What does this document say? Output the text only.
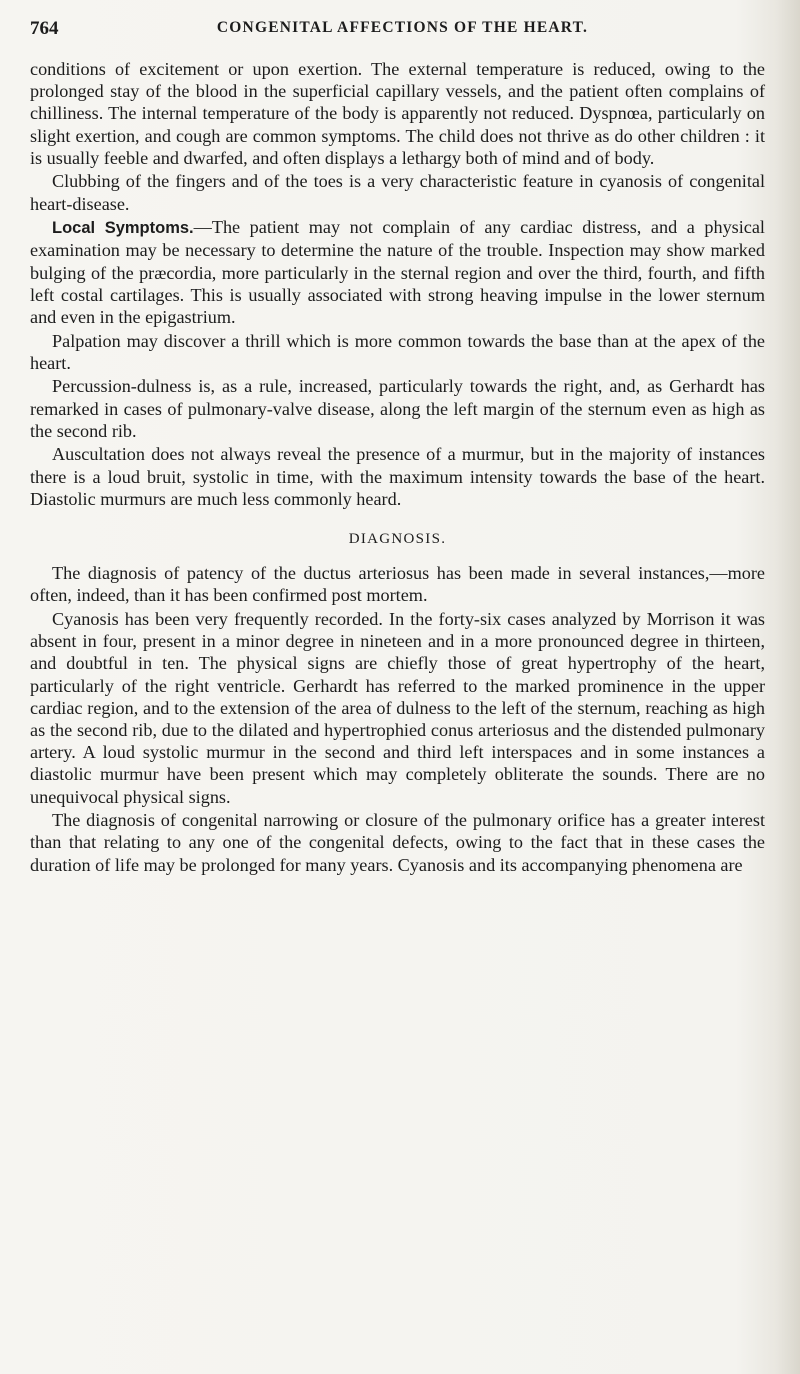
764	CONGENITAL AFFECTIONS OF THE HEART.

conditions of excitement or upon exertion. The external temperature is reduced, owing to the prolonged stay of the blood in the superficial capillary vessels, and the patient often complains of chilliness. The internal temperature of the body is apparently not reduced. Dyspnœa, particularly on slight exertion, and cough are common symptoms. The child does not thrive as do other children : it is usually feeble and dwarfed, and often displays a lethargy both of mind and of body.

Clubbing of the fingers and of the toes is a very characteristic feature in cyanosis of congenital heart-disease.

Local Symptoms.—The patient may not complain of any cardiac distress, and a physical examination may be necessary to determine the nature of the trouble. Inspection may show marked bulging of the præcordia, more particularly in the sternal region and over the third, fourth, and fifth left costal cartilages. This is usually associated with strong heaving impulse in the lower sternum and even in the epigastrium.

Palpation may discover a thrill which is more common towards the base than at the apex of the heart.

Percussion-dulness is, as a rule, increased, particularly towards the right, and, as Gerhardt has remarked in cases of pulmonary-valve disease, along the left margin of the sternum even as high as the second rib.

Auscultation does not always reveal the presence of a murmur, but in the majority of instances there is a loud bruit, systolic in time, with the maximum intensity towards the base of the heart. Diastolic murmurs are much less commonly heard.

DIAGNOSIS.

The diagnosis of patency of the ductus arteriosus has been made in several instances,—more often, indeed, than it has been confirmed post mortem.

Cyanosis has been very frequently recorded. In the forty-six cases analyzed by Morrison it was absent in four, present in a minor degree in nineteen and in a more pronounced degree in thirteen, and doubtful in ten. The physical signs are chiefly those of great hypertrophy of the heart, particularly of the right ventricle. Gerhardt has referred to the marked prominence in the upper cardiac region, and to the extension of the area of dulness to the left of the sternum, reaching as high as the second rib, due to the dilated and hypertrophied conus arteriosus and the distended pulmonary artery. A loud systolic murmur in the second and third left interspaces and in some instances a diastolic murmur have been present which may completely obliterate the sounds. There are no unequivocal physical signs.

The diagnosis of congenital narrowing or closure of the pulmonary orifice has a greater interest than that relating to any one of the congenital defects, owing to the fact that in these cases the duration of life may be prolonged for many years. Cyanosis and its accompanying phenomena are
